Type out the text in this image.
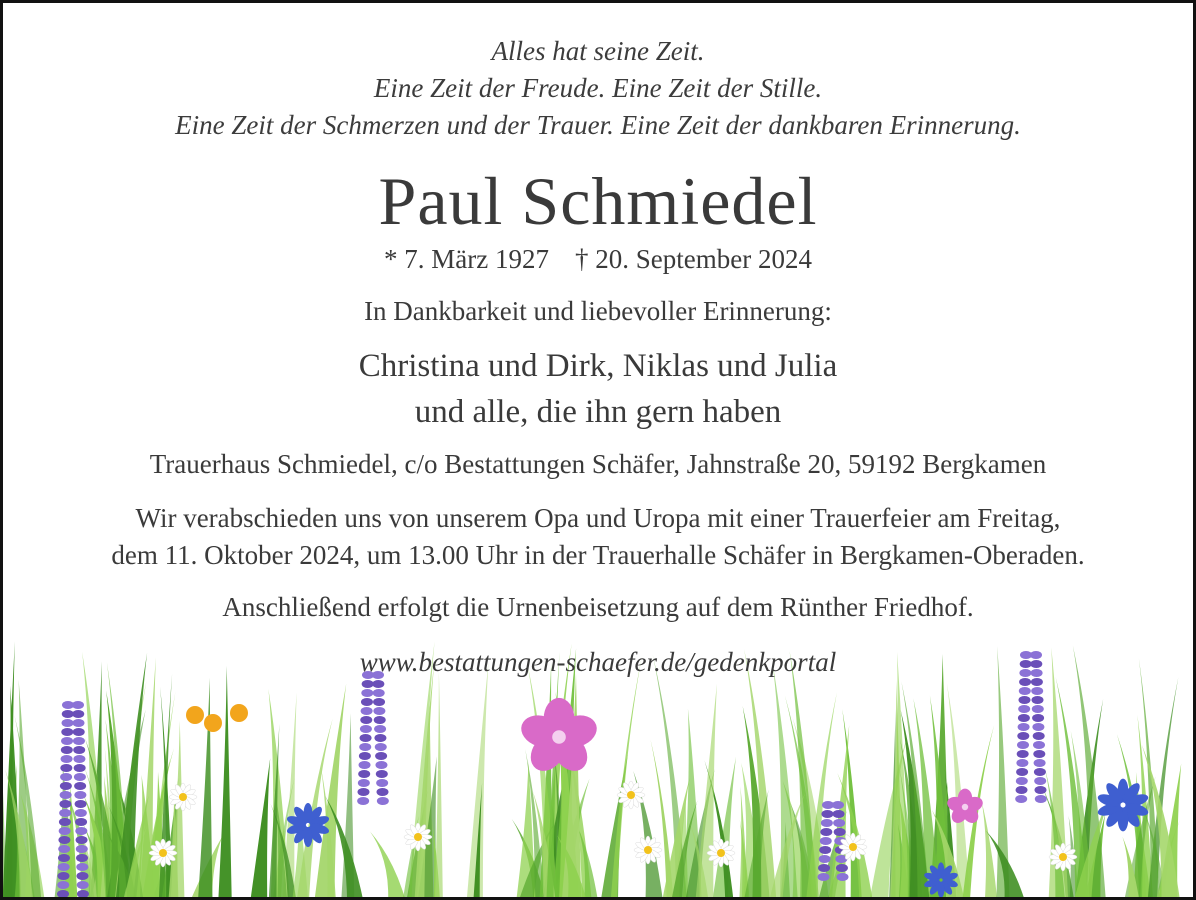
Alles hat seine Zeit.
Eine Zeit der Freude. Eine Zeit der Stille.
Eine Zeit der Schmerzen und der Trauer. Eine Zeit der dankbaren Erinnerung.
Paul Schmiedel
* 7. März 1927 † 20. September 2024
In Dankbarkeit und liebevoller Erinnerung:
Christina und Dirk, Niklas und Julia
und alle, die ihn gern haben
Trauerhaus Schmiedel, c/o Bestattungen Schäfer, Jahnstraße 20, 59192 Bergkamen
Wir verabschieden uns von unserem Opa und Uropa mit einer Trauerfeier am Freitag,
dem 11. Oktober 2024, um 13.00 Uhr in der Trauerhalle Schäfer in Bergkamen-Oberaden.
Anschließend erfolgt die Urnenbeisetzung auf dem Rünther Friedhof.
www.bestattungen-schaefer.de/gedenkportal
